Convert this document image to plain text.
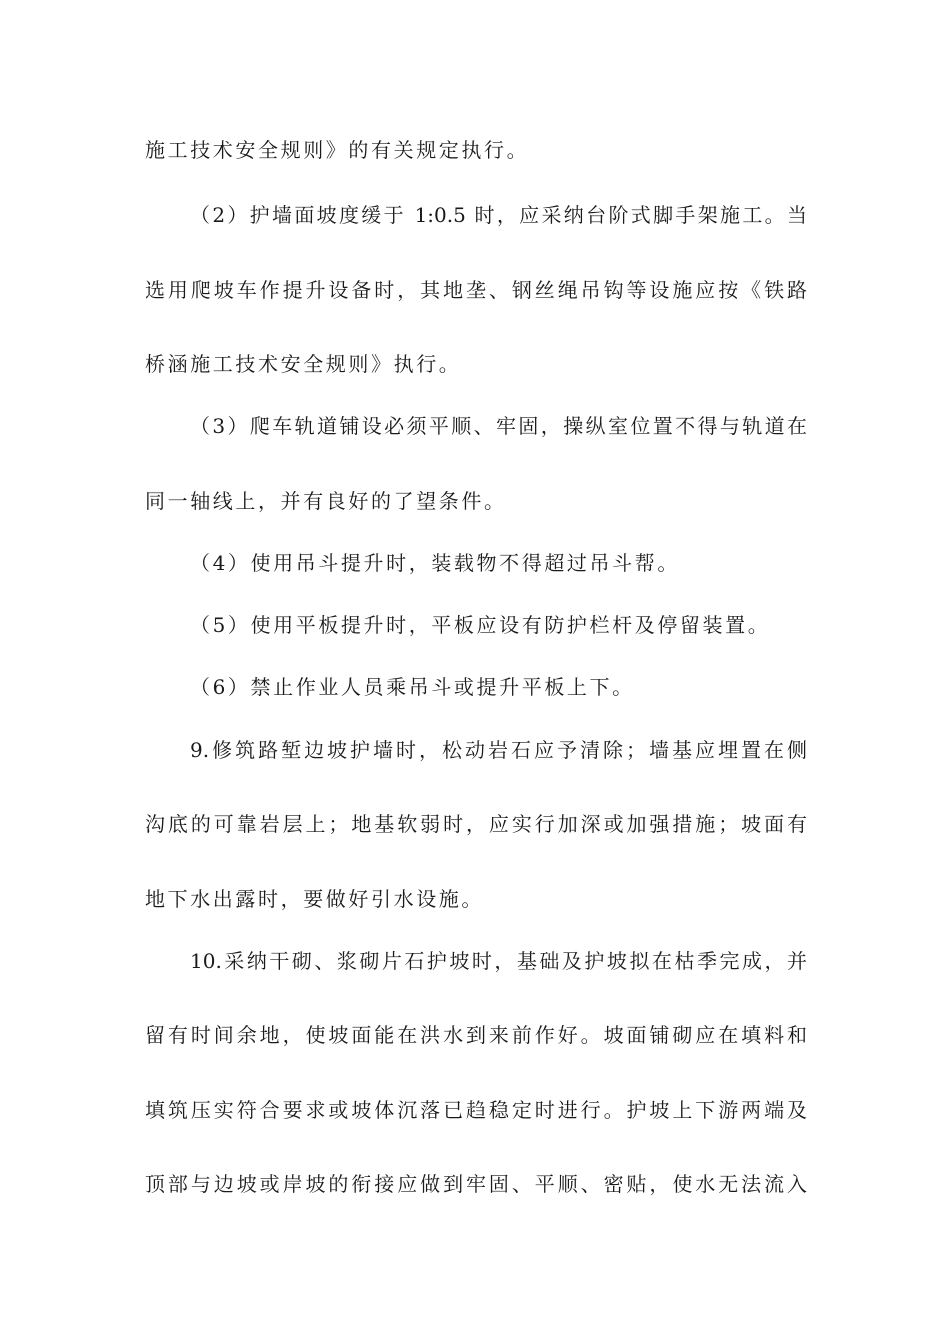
施工技术安全规则》的有关规定执行。
（2）护墙面坡度缓于 1:0.5 时，应采纳台阶式脚手架施工。当
选用爬坡车作提升设备时，其地垄、钢丝绳吊钩等设施应按《铁路
桥涵施工技术安全规则》执行。
（3）爬车轨道铺设必须平顺、牢固，操纵室位置不得与轨道在
同一轴线上，并有良好的了望条件。
（4）使用吊斗提升时，装载物不得超过吊斗帮。
（5）使用平板提升时，平板应设有防护栏杆及停留装置。
（6）禁止作业人员乘吊斗或提升平板上下。
9.修筑路堑边坡护墙时，松动岩石应予清除；墙基应埋置在侧
沟底的可靠岩层上；地基软弱时，应实行加深或加强措施；坡面有
地下水出露时，要做好引水设施。
10.采纳干砌、浆砌片石护坡时，基础及护坡拟在枯季完成，并
留有时间余地，使坡面能在洪水到来前作好。坡面铺砌应在填料和
填筑压实符合要求或坡体沉落已趋稳定时进行。护坡上下游两端及
顶部与边坡或岸坡的衔接应做到牢固、平顺、密贴，使水无法流入
